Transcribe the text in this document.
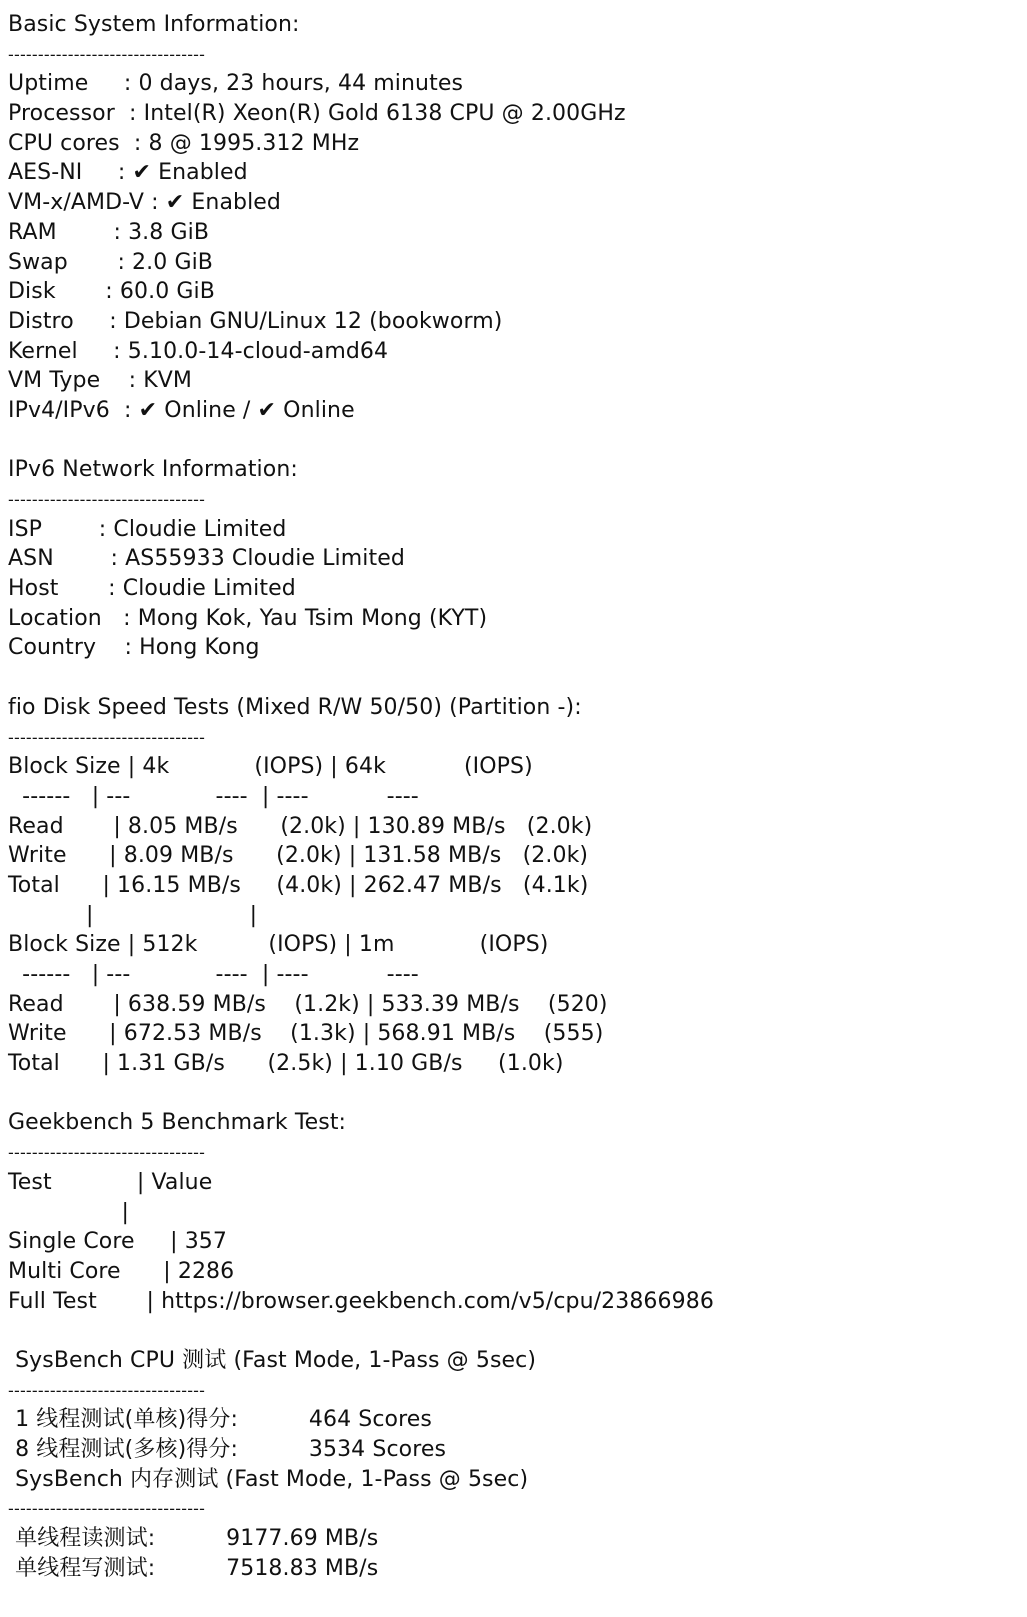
Basic System Information:
---------------------------------
Uptime     : 0 days, 23 hours, 44 minutes
Processor  : Intel(R) Xeon(R) Gold 6138 CPU @ 2.00GHz
CPU cores  : 8 @ 1995.312 MHz
AES-NI     : ✔ Enabled
VM-x/AMD-V : ✔ Enabled
RAM        : 3.8 GiB
Swap       : 2.0 GiB
Disk       : 60.0 GiB
Distro     : Debian GNU/Linux 12 (bookworm)
Kernel     : 5.10.0-14-cloud-amd64
VM Type    : KVM
IPv4/IPv6  : ✔ Online / ✔ Online
IPv6 Network Information:
---------------------------------
ISP        : Cloudie Limited
ASN        : AS55933 Cloudie Limited
Host       : Cloudie Limited
Location   : Mong Kok, Yau Tsim Mong (KYT)
Country    : Hong Kong
fio Disk Speed Tests (Mixed R/W 50/50) (Partition -):
---------------------------------
Block Size | 4k            (IOPS) | 64k           (IOPS)
------   | ---            ----  | ----           ----
Read       | 8.05 MB/s      (2.0k) | 130.89 MB/s   (2.0k)
Write      | 8.09 MB/s      (2.0k) | 131.58 MB/s   (2.0k)
Total      | 16.15 MB/s     (4.0k) | 262.47 MB/s   (4.1k)
|                      |
Block Size | 512k          (IOPS) | 1m            (IOPS)
------   | ---            ----  | ----           ----
Read       | 638.59 MB/s    (1.2k) | 533.39 MB/s    (520)
Write      | 672.53 MB/s    (1.3k) | 568.91 MB/s    (555)
Total      | 1.31 GB/s      (2.5k) | 1.10 GB/s     (1.0k)
Geekbench 5 Benchmark Test:
---------------------------------
Test            | Value
|
Single Core     | 357
Multi Core      | 2286
Full Test       | https://browser.geekbench.com/v5/cpu/23866986
SysBench CPU 测试 (Fast Mode, 1-Pass @ 5sec)
---------------------------------
1 线程测试(单核)得分:          464 Scores
8 线程测试(多核)得分:          3534 Scores
SysBench 内存测试 (Fast Mode, 1-Pass @ 5sec)
---------------------------------
单线程读测试:          9177.69 MB/s
单线程写测试:          7518.83 MB/s
